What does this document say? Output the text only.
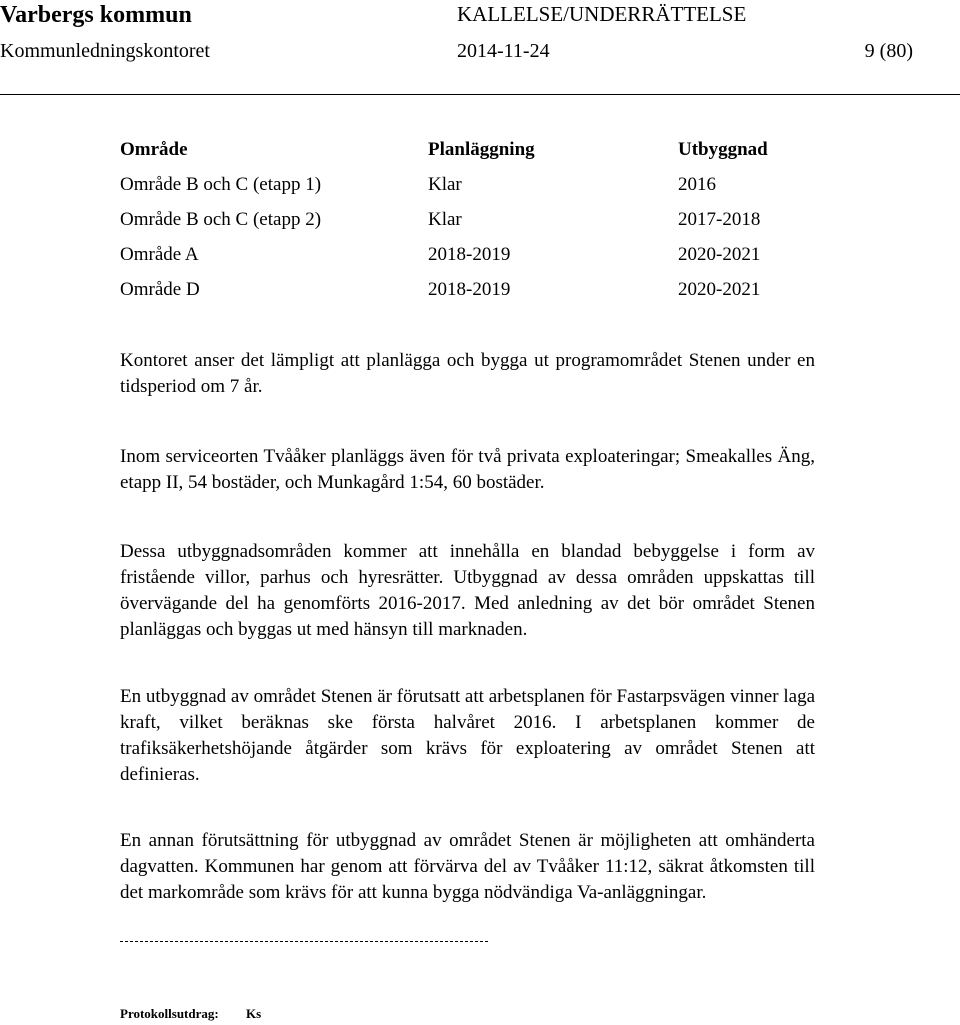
Varbergs kommun	KALLELSE/UNDERRÄTTELSE
Kommunledningskontoret	2014-11-24	9 (80)
Område	Planläggning	Utbyggnad
Område B och C (etapp 1)	Klar	2016
Område B och C (etapp 2)	Klar	2017-2018
Område A	2018-2019	2020-2021
Område D	2018-2019	2020-2021

Kontoret anser det lämpligt att planlägga och bygga ut programområdet Stenen under en tidsperiod om 7 år.

Inom serviceorten Tvååker planläggs även för två privata exploateringar; Smeakalles Äng, etapp II, 54 bostäder, och Munkagård 1:54, 60 bostäder.

Dessa utbyggnadsområden kommer att innehålla en blandad bebyggelse i form av fristående villor, parhus och hyresrätter. Utbyggnad av dessa områden uppskattas till övervägande del ha genomförts 2016-2017. Med anledning av det bör området Stenen planläggas och byggas ut med hänsyn till marknaden.

En utbyggnad av området Stenen är förutsatt att arbetsplanen för Fastarpsvägen vinner laga kraft, vilket beräknas ske första halvåret 2016. I arbetsplanen kommer de trafiksäkerhetshöjande åtgärder som krävs för exploatering av området Stenen att definieras.

En annan förutsättning för utbyggnad av området Stenen är möjligheten att omhänderta dagvatten. Kommunen har genom att förvärva del av Tvååker 11:12, säkrat åtkomsten till det markområde som krävs för att kunna bygga nödvändiga Va-anläggningar.

Protokollsutdrag: Ks
